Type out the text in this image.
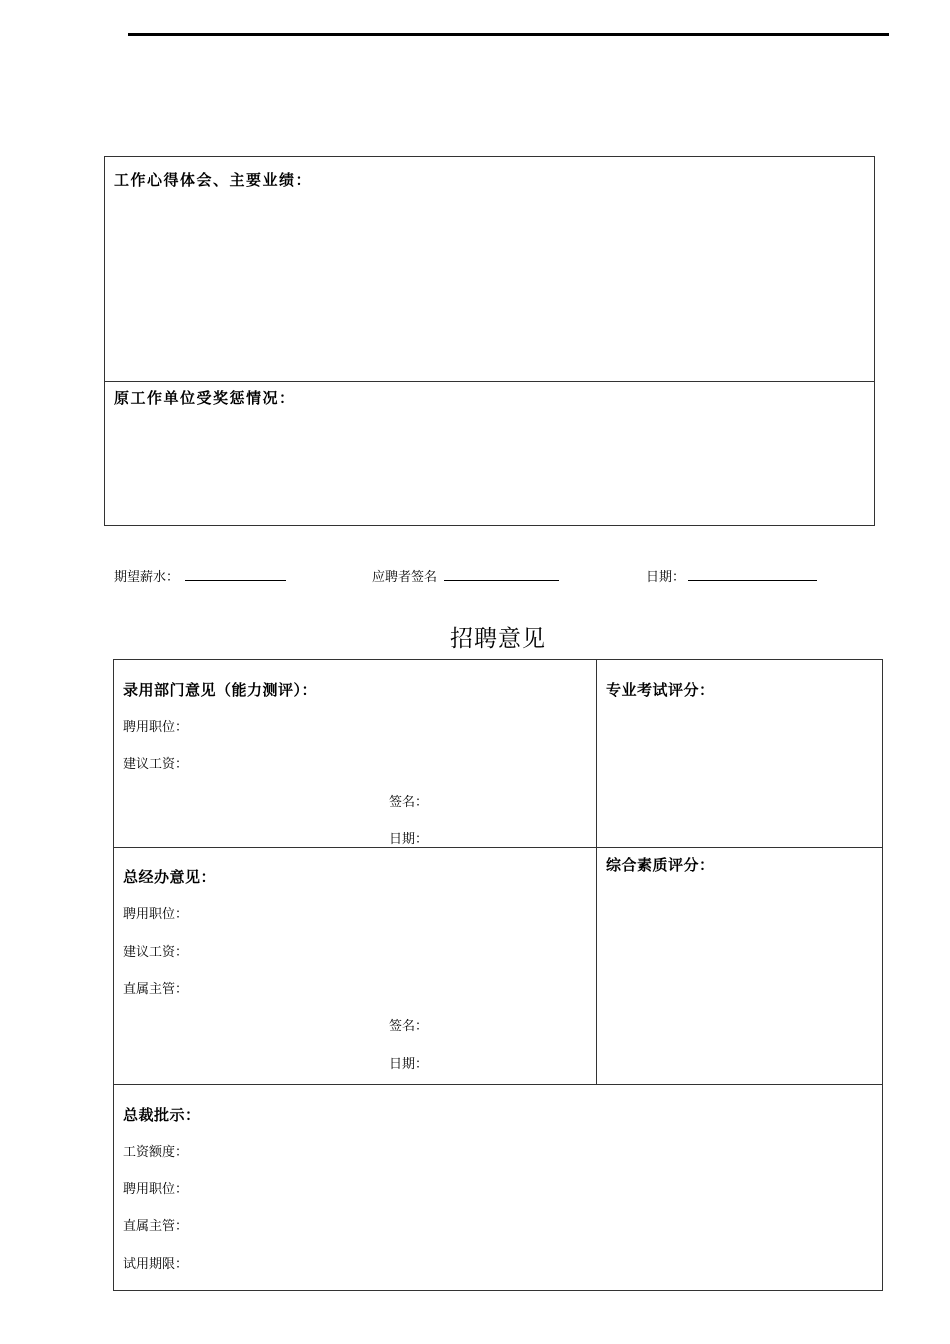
工作心得体会、主要业绩：
原工作单位受奖惩情况：
期望薪水：	应聘者签名	日期：
招聘意见
录用部门意见（能力测评）：
聘用职位：
建议工资：
签名：
日期：
专业考试评分：
总经办意见：
聘用职位：
建议工资：
直属主管：
签名：
日期：
综合素质评分：
总裁批示：
工资额度：
聘用职位：
直属主管：
试用期限：
